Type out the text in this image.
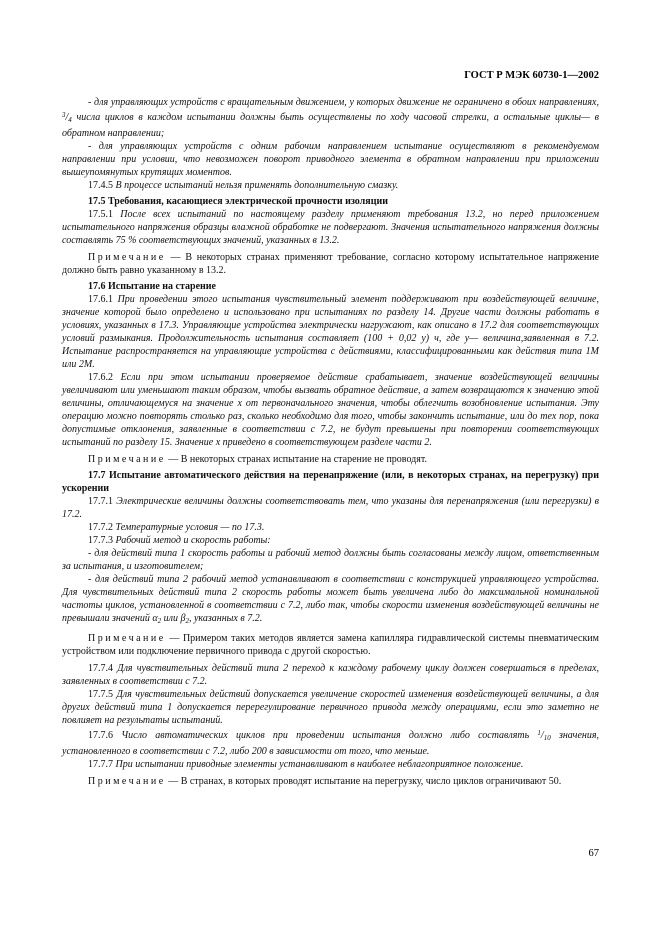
ГОСТ Р МЭК 60730-1—2002

- для управляющих устройств с вращательным движением, у которых движение не ограничено в обоих направлениях, $^3/_4$ числа циклов в каждом испытании должны быть осуществлены по ходу часовой стрелки, а остальные циклы— в обратном направлении;

- для управляющих устройств с одним рабочим направлением испытание осуществляют в рекомендуемом направлении при условии, что невозможен поворот приводного элемента в обратном направлении при приложении вышеупомянутых крутящих моментов.

17.4.5 В процессе испытаний нельзя применять дополнительную смазку.

17.5 Требования, касающиеся электрической прочности изоляции

17.5.1 После всех испытаний по настоящему разделу применяют требования 13.2, но перед приложением испытательного напряжения образцы влажной обработке не подвергают. Значения испытательного напряжения должны составлять 75 % соответствующих значений, указанных в 13.2.

Примечание — В некоторых странах применяют требование, согласно которому испытательное напряжение должно быть равно указанному в 13.2.

17.6 Испытание на старение

17.6.1 При проведении этого испытания чувствительный элемент поддерживают при воздействующей величине, значение которой было определено и использовано при испытаниях по разделу 14. Другие части должны работать в условиях, указанных в 17.3. Управляющие устройства электрически нагружают, как описано в 17.2 для соответствующих условий размыкания. Продолжительность испытания составляет (100 + 0,02 y) ч, где y— величина,заявленная в 7.2. Испытание распространяется на управляющие устройства с действиями, классифицированными как действия типа 1M или 2M.

17.6.2 Если при этом испытании проверяемое действие срабатывает, значение воздействующей величины увеличивают или уменьшают таким образом, чтобы вызвать обратное действие, а затем возвращаются к значению этой величины, отличающемуся на значение x от первоначального значения, чтобы облегчить возобновление испытания. Эту операцию можно повторять столько раз, сколько необходимо для того, чтобы закончить испытание, или до тех пор, пока допустимые отклонения, заявленные в соответствии с 7.2, не будут превышены при повторении соответствующих испытаний по разделу 15. Значение x приведено в соответствующем разделе части 2.

Примечание — В некоторых странах испытание на старение не проводят.

17.7 Испытание автоматического действия на перенапряжение (или, в некоторых странах, на перегрузку) при ускорении

17.7.1 Электрические величины должны соответствовать тем, что указаны для перенапряжения (или перегрузки) в 17.2.

17.7.2 Температурные условия — по 17.3.

17.7.3 Рабочий метод и скорость работы:

- для действий типа 1 скорость работы и рабочий метод должны быть согласованы между лицом, ответственным за испытания, и изготовителем;

- для действий типа 2 рабочий метод устанавливают в соответствии с конструкцией управляющего устройства. Для чувствительных действий типа 2 скорость работы может быть увеличена либо до максимальной номинальной частоты циклов, установленной в соответствии с 7.2, либо так, чтобы скорости изменения воздействующей величины не превышали значений $\alpha_2$ или $\beta_2$, указанных в 7.2.

Примечание — Примером таких методов является замена капилляра гидравлической системы пневматическим устройством или подключение первичного привода с другой скоростью.

17.7.4 Для чувствительных действий типа 2 переход к каждому рабочему циклу должен совершаться в пределах, заявленных в соответствии с 7.2.

17.7.5 Для чувствительных действий допускается увеличение скоростей изменения воздействующей величины, а для других действий типа 1 допускается перерегулирование первичного привода между операциями, если это заметно не повлияет на результаты испытаний.

17.7.6 Число автоматических циклов при проведении испытания должно либо составлять $^1/_{10}$ значения, установленного в соответствии с 7.2, либо 200 в зависимости от того, что меньше.

17.7.7 При испытании приводные элементы устанавливают в наиболее неблагоприятное положение.

Примечание — В странах, в которых проводят испытание на перегрузку, число циклов ограничивают 50.

67
